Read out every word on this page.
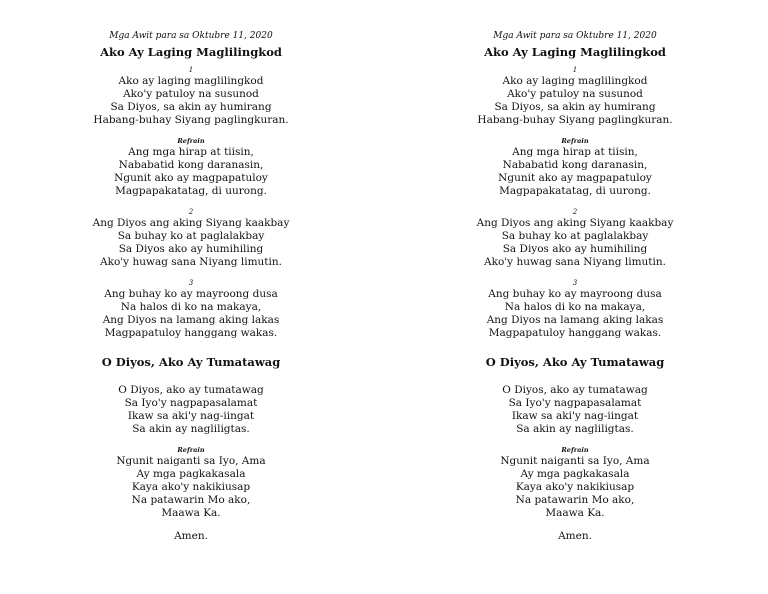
Mga Awit para sa Oktubre 11, 2020
Ako Ay Laging Maglilingkod
1
Ako ay laging maglilingkod
Ako'y patuloy na susunod
Sa Diyos, sa akin ay humirang
Habang-buhay Siyang paglingkuran.
Refrain
Ang mga hirap at tiisin,
Nababatid kong daranasin,
Ngunit ako ay magpapatuloy
Magpapakatatag, di uurong.
2
Ang Diyos ang aking Siyang kaakbay
Sa buhay ko at paglalakbay
Sa Diyos ako ay humihiling
Ako'y huwag sana Niyang limutin.
3
Ang buhay ko ay mayroong dusa
Na halos di ko na makaya,
Ang Diyos na lamang aking lakas
Magpapatuloy hanggang wakas.
O Diyos, Ako Ay Tumatawag
O Diyos, ako ay tumatawag
Sa Iyo'y nagpapasalamat
Ikaw sa aki'y nag-iingat
Sa akin ay nagliligtas.
Refrain
Ngunit naiganti sa Iyo, Ama
Ay mga pagkakasala
Kaya ako'y nakikiusap
Na patawarin Mo ako,
Maawa Ka.
Amen.
Mga Awit para sa Oktubre 11, 2020
Ako Ay Laging Maglilingkod
1
Ako ay laging maglilingkod
Ako'y patuloy na susunod
Sa Diyos, sa akin ay humirang
Habang-buhay Siyang paglingkuran.
Refrain
Ang mga hirap at tiisin,
Nababatid kong daranasin,
Ngunit ako ay magpapatuloy
Magpapakatatag, di uurong.
2
Ang Diyos ang aking Siyang kaakbay
Sa buhay ko at paglalakbay
Sa Diyos ako ay humihiling
Ako'y huwag sana Niyang limutin.
3
Ang buhay ko ay mayroong dusa
Na halos di ko na makaya,
Ang Diyos na lamang aking lakas
Magpapatuloy hanggang wakas.
O Diyos, Ako Ay Tumatawag
O Diyos, ako ay tumatawag
Sa Iyo'y nagpapasalamat
Ikaw sa aki'y nag-iingat
Sa akin ay nagliligtas.
Refrain
Ngunit naiganti sa Iyo, Ama
Ay mga pagkakasala
Kaya ako'y nakikiusap
Na patawarin Mo ako,
Maawa Ka.
Amen.
